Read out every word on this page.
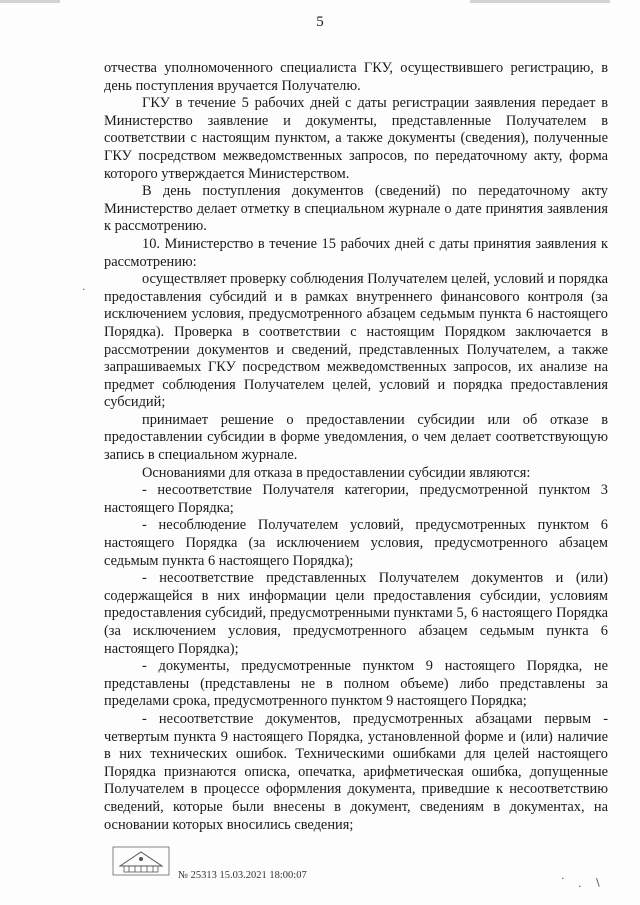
5

отчества уполномоченного специалиста ГКУ, осуществившего регистрацию, в день поступления вручается Получателю.

ГКУ в течение 5 рабочих дней с даты регистрации заявления передает в Министерство заявление и документы, представленные Получателем в соответствии с настоящим пунктом, а также документы (сведения), полученные ГКУ посредством межведомственных запросов, по передаточному акту, форма которого утверждается Министерством.

В день поступления документов (сведений) по передаточному акту Министерство делает отметку в специальном журнале о дате принятия заявления к рассмотрению.

10. Министерство в течение 15 рабочих дней с даты принятия заявления к рассмотрению:

осуществляет проверку соблюдения Получателем целей, условий и порядка предоставления субсидий и в рамках внутреннего финансового контроля (за исключением условия, предусмотренного абзацем седьмым пункта 6 настоящего Порядка). Проверка в соответствии с настоящим Порядком заключается в рассмотрении документов и сведений, представленных Получателем, а также запрашиваемых ГКУ посредством межведомственных запросов, их анализе на предмет соблюдения Получателем целей, условий и порядка предоставления субсидий;

принимает решение о предоставлении субсидии или об отказе в предоставлении субсидии в форме уведомления, о чем делает соответствующую запись в специальном журнале.

Основаниями для отказа в предоставлении субсидии являются:

- несоответствие Получателя категории, предусмотренной пунктом 3 настоящего Порядка;

- несоблюдение Получателем условий, предусмотренных пунктом 6 настоящего Порядка (за исключением условия, предусмотренного абзацем седьмым пункта 6 настоящего Порядка);

- несоответствие представленных Получателем документов и (или) содержащейся в них информации цели предоставления субсидии, условиям предоставления субсидий, предусмотренными пунктами 5, 6 настоящего Порядка (за исключением условия, предусмотренного абзацем седьмым пункта 6 настоящего Порядка);

- документы, предусмотренные пунктом 9 настоящего Порядка, не представлены (представлены не в полном объеме) либо представлены за пределами срока, предусмотренного пунктом 9 настоящего Порядка;

- несоответствие документов, предусмотренных абзацами первым - четвертым пункта 9 настоящего Порядка, установленной форме и (или) наличие в них технических ошибок. Техническими ошибками для целей настоящего Порядка признаются описка, опечатка, арифметическая ошибка, допущенные Получателем в процессе оформления документа, приведшие к несоответствию сведений, которые были внесены в документ, сведениям в документах, на основании которых вносились сведения;

№ 25313 15.03.2021 18:00:07	·
· \
·
